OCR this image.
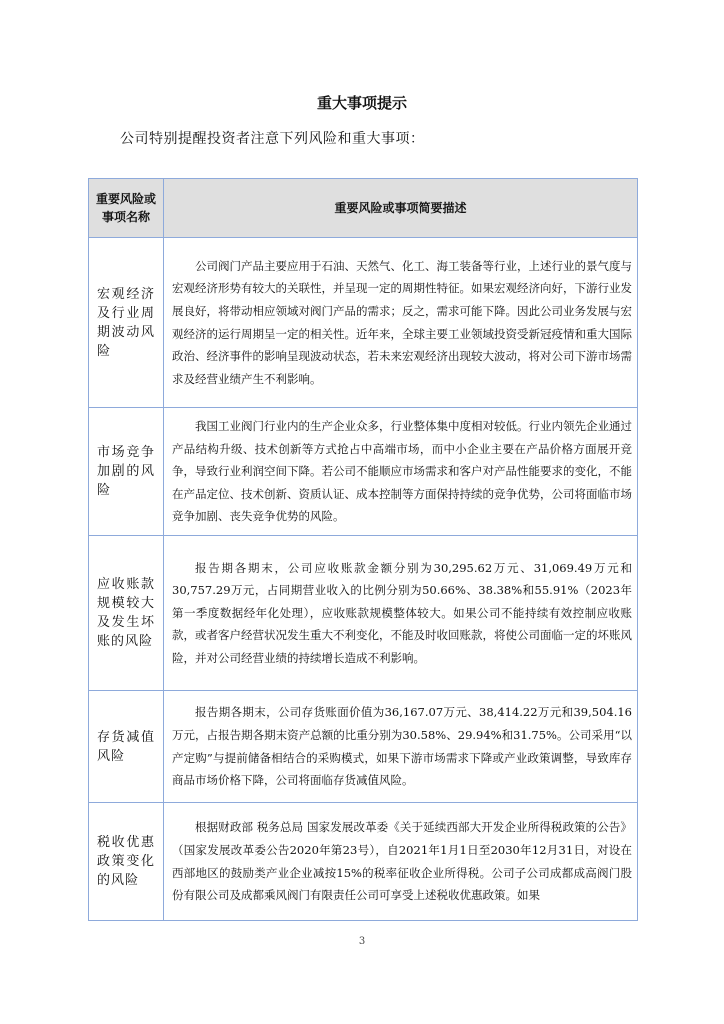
重大事项提示
公司特别提醒投资者注意下列风险和重大事项：
重要风险或事项名称	重要风险或事项简要描述
宏观经济及行业周期波动风险	公司阀门产品主要应用于石油、天然气、化工、海工装备等行业，上述行业的景气度与宏观经济形势有较大的关联性，并呈现一定的周期性特征。如果宏观经济向好，下游行业发展良好，将带动相应领域对阀门产品的需求；反之，需求可能下降。因此公司业务发展与宏观经济的运行周期呈一定的相关性。近年来，全球主要工业领域投资受新冠疫情和重大国际政治、经济事件的影响呈现波动状态，若未来宏观经济出现较大波动，将对公司下游市场需求及经营业绩产生不利影响。
市场竞争加剧的风险	我国工业阀门行业内的生产企业众多，行业整体集中度相对较低。行业内领先企业通过产品结构升级、技术创新等方式抢占中高端市场，而中小企业主要在产品价格方面展开竞争，导致行业利润空间下降。若公司不能顺应市场需求和客户对产品性能要求的变化，不能在产品定位、技术创新、资质认证、成本控制等方面保持持续的竞争优势，公司将面临市场竞争加剧、丧失竞争优势的风险。
应收账款规模较大及发生坏账的风险	报告期各期末，公司应收账款金额分别为30,295.62万元、31,069.49万元和30,757.29万元，占同期营业收入的比例分别为50.66%、38.38%和55.91%（2023年第一季度数据经年化处理），应收账款规模整体较大。如果公司不能持续有效控制应收账款，或者客户经营状况发生重大不利变化，不能及时收回账款，将使公司面临一定的坏账风险，并对公司经营业绩的持续增长造成不利影响。
存货减值风险	报告期各期末，公司存货账面价值为36,167.07万元、38,414.22万元和39,504.16万元，占报告期各期末资产总额的比重分别为30.58%、29.94%和31.75%。公司采用“以产定购”与提前储备相结合的采购模式，如果下游市场需求下降或产业政策调整，导致库存商品市场价格下降，公司将面临存货减值风险。
税收优惠政策变化的风险	根据财政部 税务总局 国家发展改革委《关于延续西部大开发企业所得税政策的公告》（国家发展改革委公告2020年第23号），自2021年1月1日至2030年12月31日，对设在西部地区的鼓励类产业企业减按15%的税率征收企业所得税。公司子公司成都成高阀门股份有限公司及成都乘风阀门有限责任公司可享受上述税收优惠政策。如果
3
